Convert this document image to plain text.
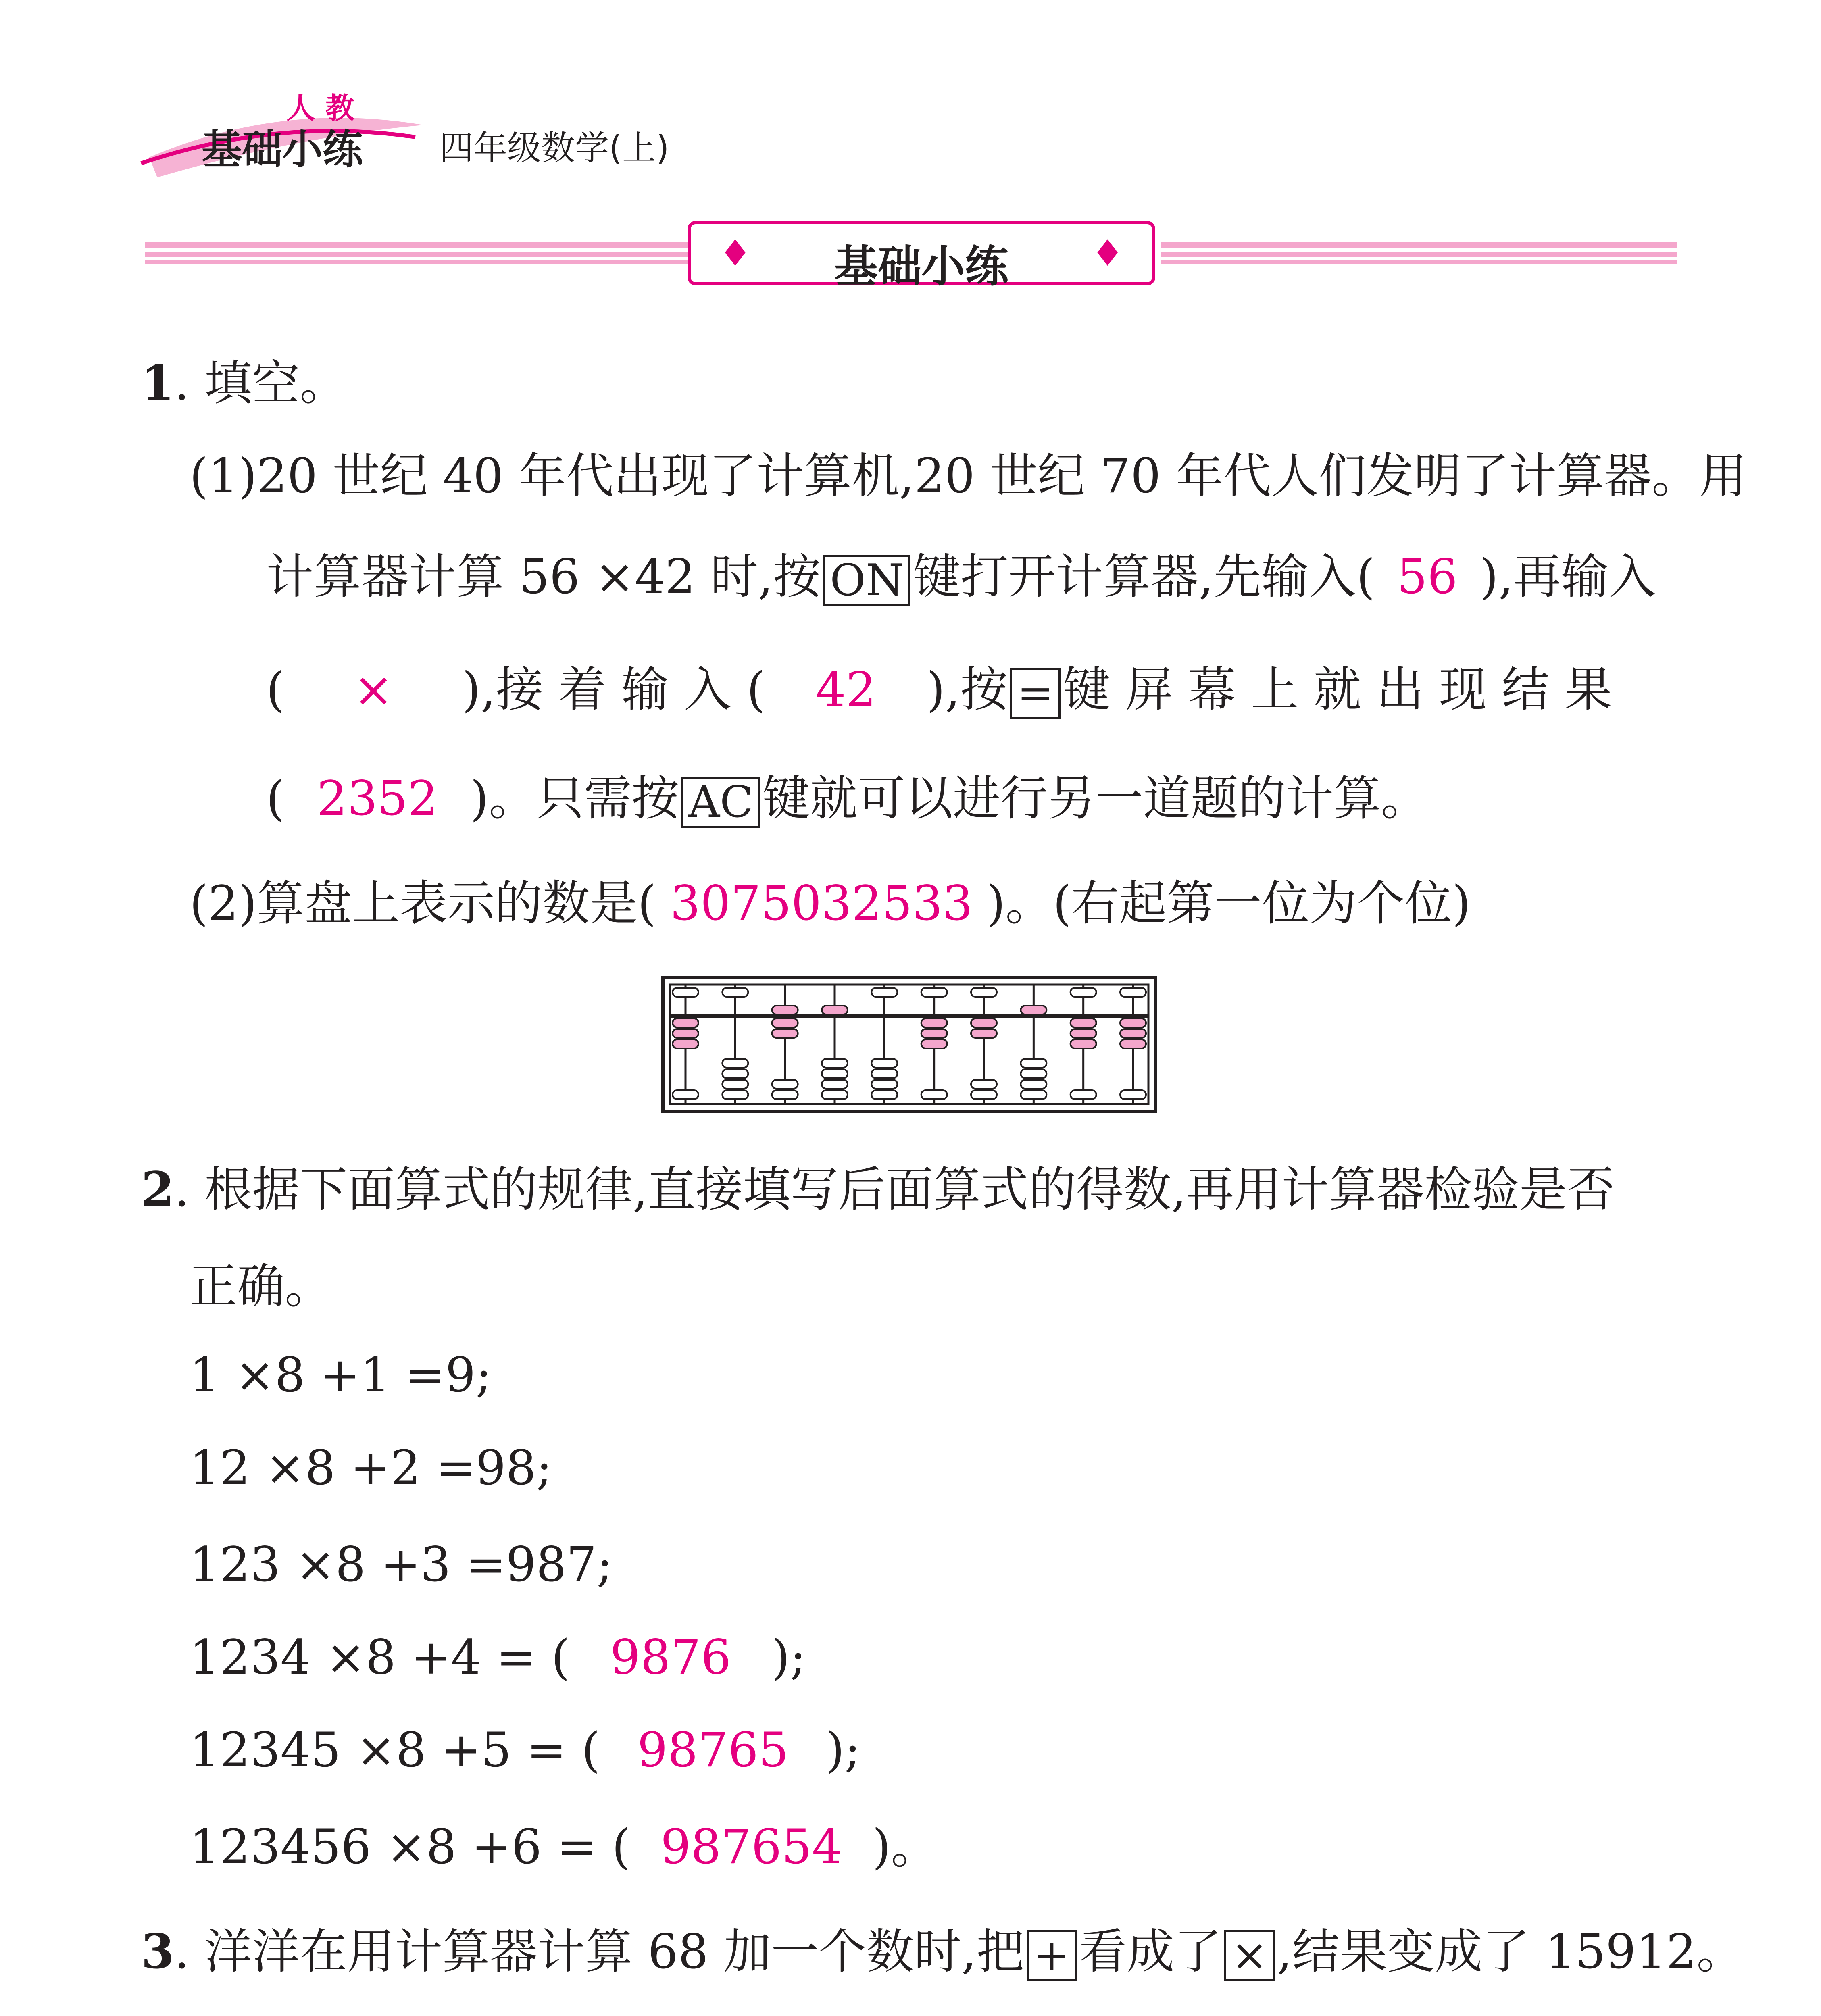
人 教
基础小练 四年级数学(上)
♦	基础小练	♦
1. 填空。
(1)20 世纪 40 年代出现了计算机,20 世纪 70 年代人们发明了计算器。用
计算器计算 56 ×42 时,按 ON 键打开计算器,先输入( 56 ),再输入
( × ),接 着 输 入 ( 42 ),按 = 键 屏 幕 上 就 出 现 结 果
( 2352 )。只需按 AC 键就可以进行另一道题的计算。
(2)算盘上表示的数是( 3075032533 )。(右起第一位为个位)
2. 根据下面算式的规律,直接填写后面算式的得数,再用计算器检验是否
正确。
1 ×8 +1 =9;
12 ×8 +2 =98;
123 ×8 +3 =987;
1234 ×8 +4 = ( 9876 );
12345 ×8 +5 = ( 98765 );
123456 ×8 +6 = ( 987654 )。
3. 洋洋在用计算器计算 68 加一个数时,把 + 看成了 × ,结果变成了 15912。
